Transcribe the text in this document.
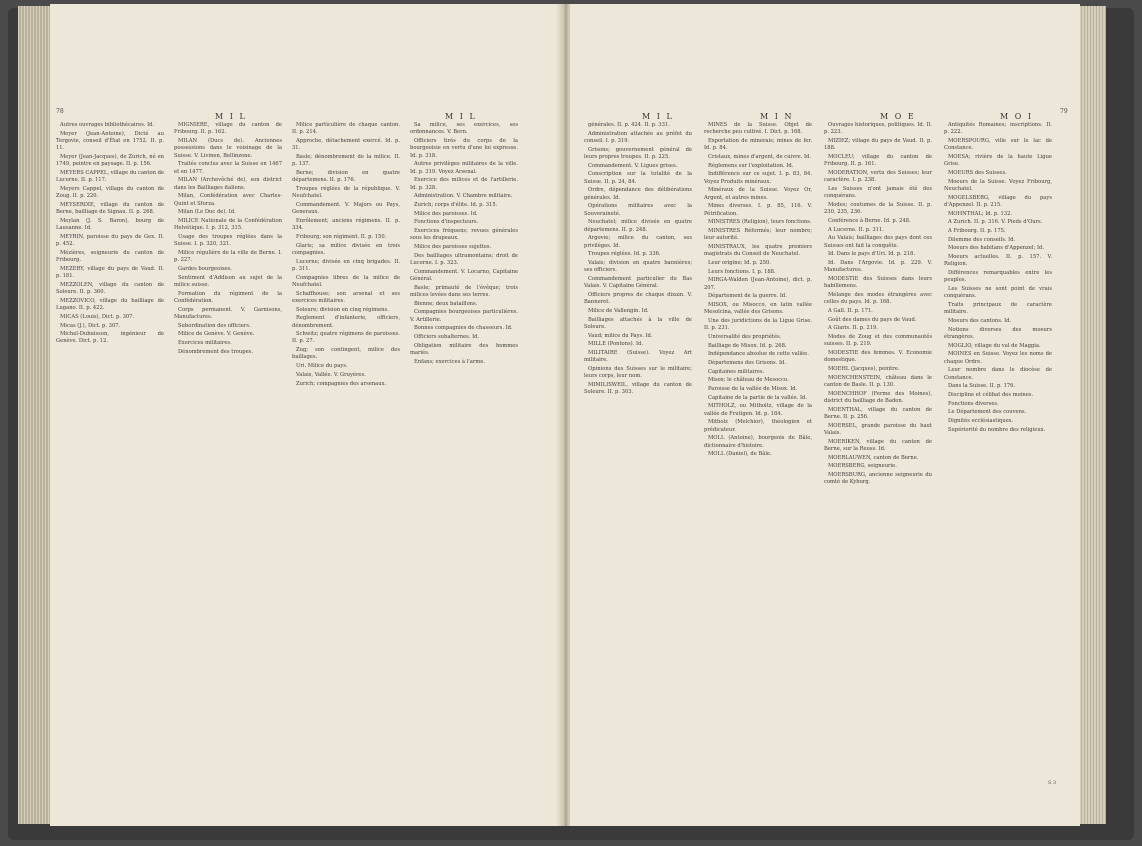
78
M I L	M I L

Autres ouvrages bibliothécaires. Id.

Meyer (Jean-Antoine), Dicté au Tergovie, conseil d'État en 1752. II. p. 11.

Meyer (Jean-Jacques), de Zurich, né en 1749, peintre en paysage. II. p. 156.

MEYERS CAPPEL, village du canton de Lucerne. II. p. 117.

Meyers Cappel, village du canton de Zoug. II. p. 220.

MEYSERDIE, village du canton de Berne, bailliage de Signau. II. p. 268.

Meylan (J. S. Baron), bourg de Lausanne. Id.

MEYRIN, paroisse du pays de Gex. II. p. 452.

Mézières, seigneurie du canton de Fribourg.

MEZERY, village du pays de Vaud. II. p. 181.

MEZZOLEN, village du canton de Soleure. II. p. 360.

MEZZOVICO, village du bailliage de Lugano. II. p. 422.

MICAS (Louis), Dict. p. 307.

Micas (J.), Dict. p. 307.

Michel-Dubuisson, ingénieur de Genève. Dict. p. 12.

MIGNIERE, village du canton de Fribourg. II. p. 162.

MILAN (Ducs de). Anciennes possessions dans le voisinage de la Suisse. V. Livinen, Bellinzone.

Traités conclus avec la Suisse en 1467 et en 1477.

MILAN (Archevêché de), son district dans les Bailliages italiens.

Milan, Confédération avec Charles-Quint et Sforza.

Milan (Le Duc de). Id.

MILICE Nationale de la Confédération Helvétique. I. p. 312, 315.

Usage des troupes réglées dans la Suisse. I. p. 320, 321.

Milice régulière de la ville de Berne. I. p. 227.

Gardes bourgeoises.

Sentiment d'Addison au sujet de la milice suisse.

Formation du régiment de la Confédération.

Corps permanent. V. Garnisons, Manufactures.

Subordination des officiers.

Milice de Genève. V. Genève.

Exercices militaires.

Dénombrement des troupes.

Milice particulière de chaque canton. II. p. 214.

Approche, détachement exercé. Id. p. 31.

Basle; dénombrement de la milice. II. p. 137.

Berne; division en quatre départemens. II. p. 176.

Troupes réglées de la république. V. Neufchatel.

Commandement. V. Majors ou Pays, Generaux.

Enrôlement; anciens régimens. II. p. 334.

Fribourg; son régiment. II. p. 150.

Glaris; sa milice divisée en trois compagnies.

Lucerne; divisée en cinq brigades. II. p. 311.

Compagnies libres de la milice de Neufchatel.

Schaffhouse; son arsenal et ses exercices militaires.

Soleure; division en cinq régimens.

Reglement d'infanterie, officiers, dénombrement.

Schwitz; quatre régimens de paroisses. II. p. 27.

Zug; son contingent, milice des baillages.

Uri. Milice du pays.

Valais, Vallée. V. Gruyères.

Zurich; compagnies des arsenaux.

Sa milice, ses exercices, ses ordonnances. V. Bern.

Officiers tirés du corps de la bourgeoisie en vertu d'une loi expresse. Id. p. 318.

Autres privilèges militaires de la ville. Id. p. 319. Voyez Arsenal.

Exercice des milices et de l'artillerie. Id. p. 328.

Administration. V. Chambre militaire.

Zurich; corps d'élite. Id. p. 315.

Milice des paroisses. Id.

Fonctions d'inspecteurs.

Exercices fréquens; revues générales sous les drapeaux.

Milice des paroisses sujettes.

Des bailliages ultramontains; droit de Lucerne. I. p. 323.

Commandement. V. Locarno, Capitaine Général.

Basle; primauté de l'évêque; trois milices levées dans ses terres.

Bienne; deux bataillons.

Compagnies bourgeoises particulières. V. Artillerie.

Bonnes compagnies de chasseurs. Id.

Officiers subalternes. Id.

Obligation militaire des hommes mariés.

Enfans; exercices à l'arme.

M I L	M I N	M O E	M O I
79

générales. II. p. 424. II. p. 331.

Administration attachée au préfet du conseil. I. p. 319.

Grisons; gouvernement général de leurs propres troupes. II. p. 225.

Commandement. V. Ligues grises.

Conscription sur la totalité de la Suisse. II. p. 24, 84.

Ordre, dépendance des délibérations générales. Id.

Opérations militaires avec la Souveraineté.

Neuchatel; milice divisée en quatre départemens. II. p. 248.

Argovie; milice du canton, ses privilèges. Id.

Troupes réglées. Id. p. 336.

Valais; division en quatre bannières; ses officiers.

Commandement particulier du Bas Valais. V. Capitaine Général.

Officiers propres de chaque dixain. V. Banneret.

Milice de Vallengin. Id.

Bailliages attachés à la ville de Soleure.

Vaud; milice du Pays. Id.

MILLE (Pontons). Id.

MILITAIRE (Suisse). Voyez Art militaire.

Opinions des Suisses sur le militaire; leurs corps, leur nom.

MIMILISWEIL, village du canton de Soleure. II. p. 303.

MINES de la Suisse. Objet de recherche peu cultivé. I. Dict. p. 168.

Exportation de minerais; mines de fer. Id. p. 84.

Cristaux, mines d'argent, de cuivre. Id.

Réglemens sur l'exploitation. Id.

Indifférence sur ce sujet. I. p. 83, 84. Voyez Produits minéraux.

Minéraux de la Suisse. Voyez Or, Argent, et autres mines.

Mines diverses. I. p. 85, 116. V. Pétrification.

MINISTRES (Religion), leurs fonctions.

MINISTRES Réformés; leur nombre; leur autorité.

MINISTRAUX, les quatre premiers magistrats du Conseil de Neuchatel.

Leur origine; Id. p. 250.

Leurs fonctions. I. p. 188.

MIRGA-Walden (Jean-Antoine), dict. p. 207.

Département de la guerre. Id.

MISOX, ou Misocco, en latin vallée Mesolcina, vallée des Grisons.

Une des juridictions de la Ligue Grise. II. p. 231.

Universalité des propriétés.

Bailliage de Misox. Id. p. 268.

Indépendance absolue de cette vallée.

Départemens des Grisons. Id.

Capitaines militaires.

Misox; le château de Mesocco.

Paroisse de la vallée de Misox. Id.

Capitaine de la partie de la vallée. Id.

MITHOLZ, ou Mitholtz, village de la vallée de Frutigen. Id. p. 184.

Mitholz (Melchior), théologien et prédicateur.

MOLL (Antoine), bourgeois de Bâle, dictionnaire d'histoire.

MOLL (Daniel), de Bâle.

Ouvrages historiques, politiques. Id. II. p. 223.

MIZIEZ; village du pays de Vaud. II. p. 188.

MOCLEU; village du canton de Fribourg. II. p. 161.

MODERATION, vertu des Suisses; leur caractère. I. p. 238.

Les Suisses n'ont jamais été des conquérans.

Modes; coutumes de la Suisse. II. p. 230, 235, 236.

Conférence à Berne. Id. p. 248.

A Lucerne. II. p. 311.

Au Valais; bailliages des pays dont ces Suisses ont fait la conquête.

Id. Dans le pays d'Uri. Id. p. 218.

Id. Dans l'Argovie. Id. p. 229. V. Manufactures.

MODESTIE des Suisses dans leurs habillemens.

Mélange des modes étrangères avec celles du pays. Id. p. 168.

A Gall. II. p. 171.

Goût des dames du pays de Vaud.

A Glaris. II. p. 219.

Modes de Zoug et des communautés suisses. II. p. 219.

MODESTIE des femmes. V. Economie domestique.

MOEHL (Jacques), peintre.

MOENCHENSTEIN, château dans le canton de Basle. II. p. 130.

MOENCHHOF (Ferme des Moines), district du bailliage de Baden.

MOENTHAL, village du canton de Berne. II. p. 256.

MOERSEL, grande paroisse du haut Valais.

MOERIKEN, village du canton de Berne, sur la Reuss. Id.

MOERLAUWEN, canton de Berne.

MOERSBERG, seigneurie.

MOERSBURG, ancienne seigneurie du comté de Kyburg.

Antiquités Romaines; inscriptions. II. p. 222.

MOERSPOURG, ville sur le lac de Constance.

MOESA; rivière de la haute Ligue Grise.

MOEURS des Suisses.

Moeurs de la Suisse. Voyez Fribourg, Neuchatel.

MOGELSBERG, village du pays d'Appenzel. II. p. 215.

MOHNTHAL; Id. p. 132.

A Zurich. II. p. 316. V. Pieds d'Ours.

A Fribourg. II. p. 175.

Dilemme des conseils. Id.

Moeurs des habitans d'Appenzel; Id.

Moeurs actuelles. II. p. 157. V. Religion.

Différences remarquables entre les peuples.

Les Suisses ne sont point de vrais conquérans.

Traits principaux de caractère militaire.

Moeurs des cantons. Id.

Notions diverses des moeurs étrangères.

MOGLIO, village du val de Maggia.

MOINES en Suisse. Voyez les noms de chaque Ordre.

Leur nombre dans le diocèse de Constance.

Dans la Suisse. II. p. 176.

Discipline et célibat des moines.

Fonctions diverses.

Le Département des couvens.

Dignités ecclésiastiques.

Supériorité du nombre des religieux.

S 3
